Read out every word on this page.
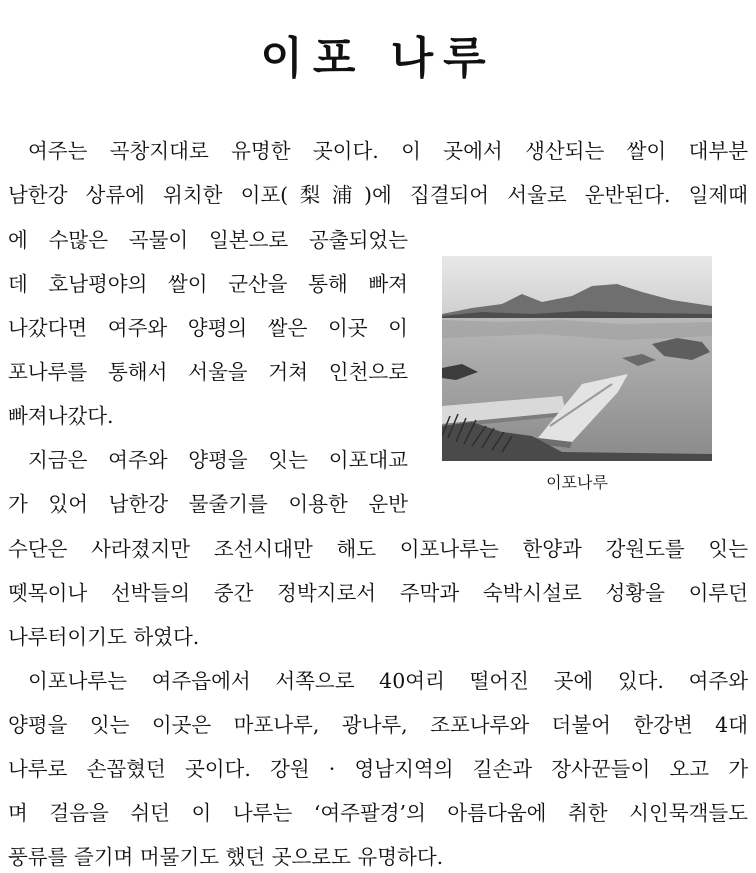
이포 나루

여주는 곡창지대로 유명한 곳이다. 이 곳에서 생산되는 쌀이 대부분

남한강 상류에 위치한 이포(梨浦)에 집결되어 서울로 운반된다. 일제때

에 수많은 곡물이 일본으로 공출되었는

데 호남평야의 쌀이 군산을 통해 빠져

나갔다면 여주와 양평의 쌀은 이곳 이

포나루를 통해서 서울을 거쳐 인천으로

빠져나갔다.

지금은 여주와 양평을 잇는 이포대교

가 있어 남한강 물줄기를 이용한 운반

수단은 사라졌지만 조선시대만 해도 이포나루는 한양과 강원도를 잇는

뗏목이나 선박들의 중간 정박지로서 주막과 숙박시설로 성황을 이루던

나루터이기도 하였다.

이포나루는 여주읍에서 서쪽으로 40여리 떨어진 곳에 있다. 여주와

양평을 잇는 이곳은 마포나루, 광나루, 조포나루와 더불어 한강변 4대

나루로 손꼽혔던 곳이다. 강원 · 영남지역의 길손과 장사꾼들이 오고 가

며 걸음을 쉬던 이 나루는 ‘여주팔경’의 아름다움에 취한 시인묵객들도

풍류를 즐기며 머물기도 했던 곳으로도 유명하다.

이포나루
